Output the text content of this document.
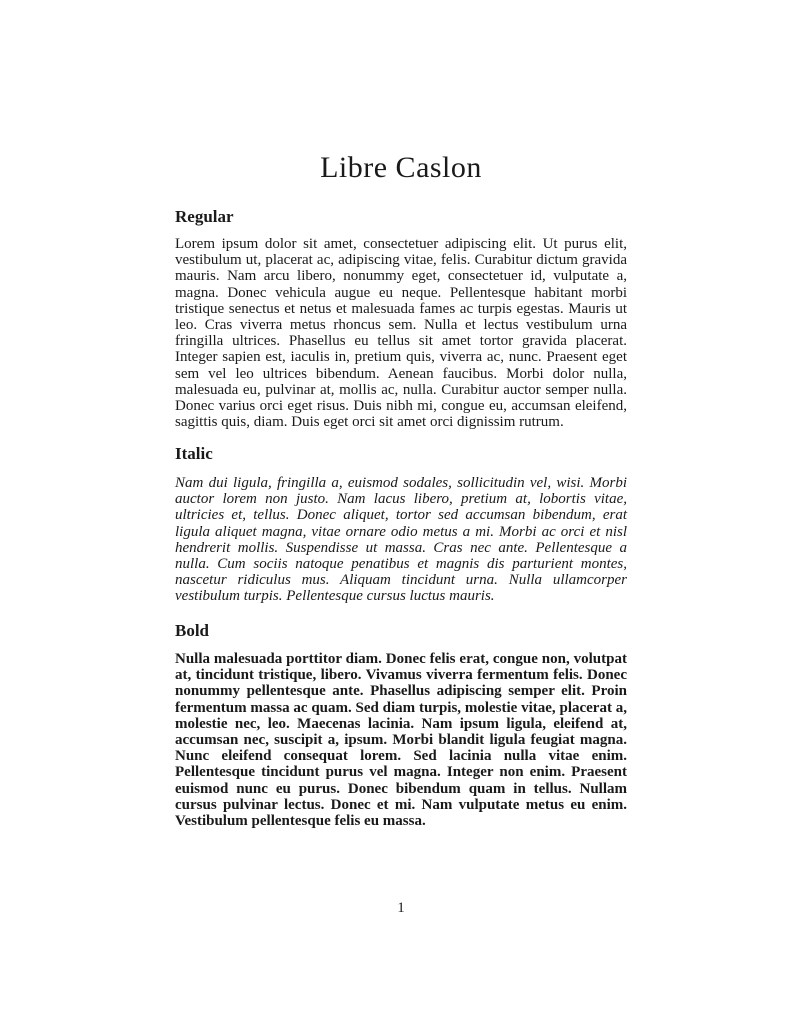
Libre Caslon
Regular
Lorem ipsum dolor sit amet, consectetuer adipiscing elit. Ut purus elit, vestibulum ut, placerat ac, adipiscing vitae, felis. Curabitur dictum gravida mauris. Nam arcu libero, nonummy eget, consectetuer id, vulputate a, magna. Donec vehicula augue eu neque. Pellentesque habitant morbi tristique senectus et netus et malesuada fames ac turpis egestas. Mauris ut leo. Cras viverra metus rhoncus sem. Nulla et lectus vestibulum urna fringilla ultrices. Phasellus eu tellus sit amet tortor gravida placerat. Integer sapien est, iaculis in, pretium quis, viverra ac, nunc. Praesent eget sem vel leo ultrices bibendum. Aenean faucibus. Morbi dolor nulla, malesuada eu, pulvinar at, mollis ac, nulla. Curabitur auctor semper nulla. Donec varius orci eget risus. Duis nibh mi, congue eu, accumsan eleifend, sagittis quis, diam. Duis eget orci sit amet orci dignissim rutrum.
Italic
Nam dui ligula, fringilla a, euismod sodales, sollicitudin vel, wisi. Morbi auctor lorem non justo. Nam lacus libero, pretium at, lobortis vitae, ultricies et, tellus. Donec aliquet, tortor sed accumsan bibendum, erat ligula aliquet magna, vitae ornare odio metus a mi. Morbi ac orci et nisl hendrerit mollis. Suspendisse ut massa. Cras nec ante. Pellentesque a nulla. Cum sociis natoque penatibus et magnis dis parturient montes, nascetur ridiculus mus. Aliquam tincidunt urna. Nulla ullamcorper vestibulum turpis. Pellentesque cursus luctus mauris.
Bold
Nulla malesuada porttitor diam. Donec felis erat, congue non, volutpat at, tincidunt tristique, libero. Vivamus viverra fermentum felis. Donec nonummy pellentesque ante. Phasellus adipiscing semper elit. Proin fermentum massa ac quam. Sed diam turpis, molestie vitae, placerat a, molestie nec, leo. Maecenas lacinia. Nam ipsum ligula, eleifend at, accumsan nec, suscipit a, ipsum. Morbi blandit ligula feugiat magna. Nunc eleifend consequat lorem. Sed lacinia nulla vitae enim. Pellentesque tincidunt purus vel magna. Integer non enim. Praesent euismod nunc eu purus. Donec bibendum quam in tellus. Nullam cursus pulvinar lectus. Donec et mi. Nam vulputate metus eu enim. Vestibulum pellentesque felis eu massa.
1
